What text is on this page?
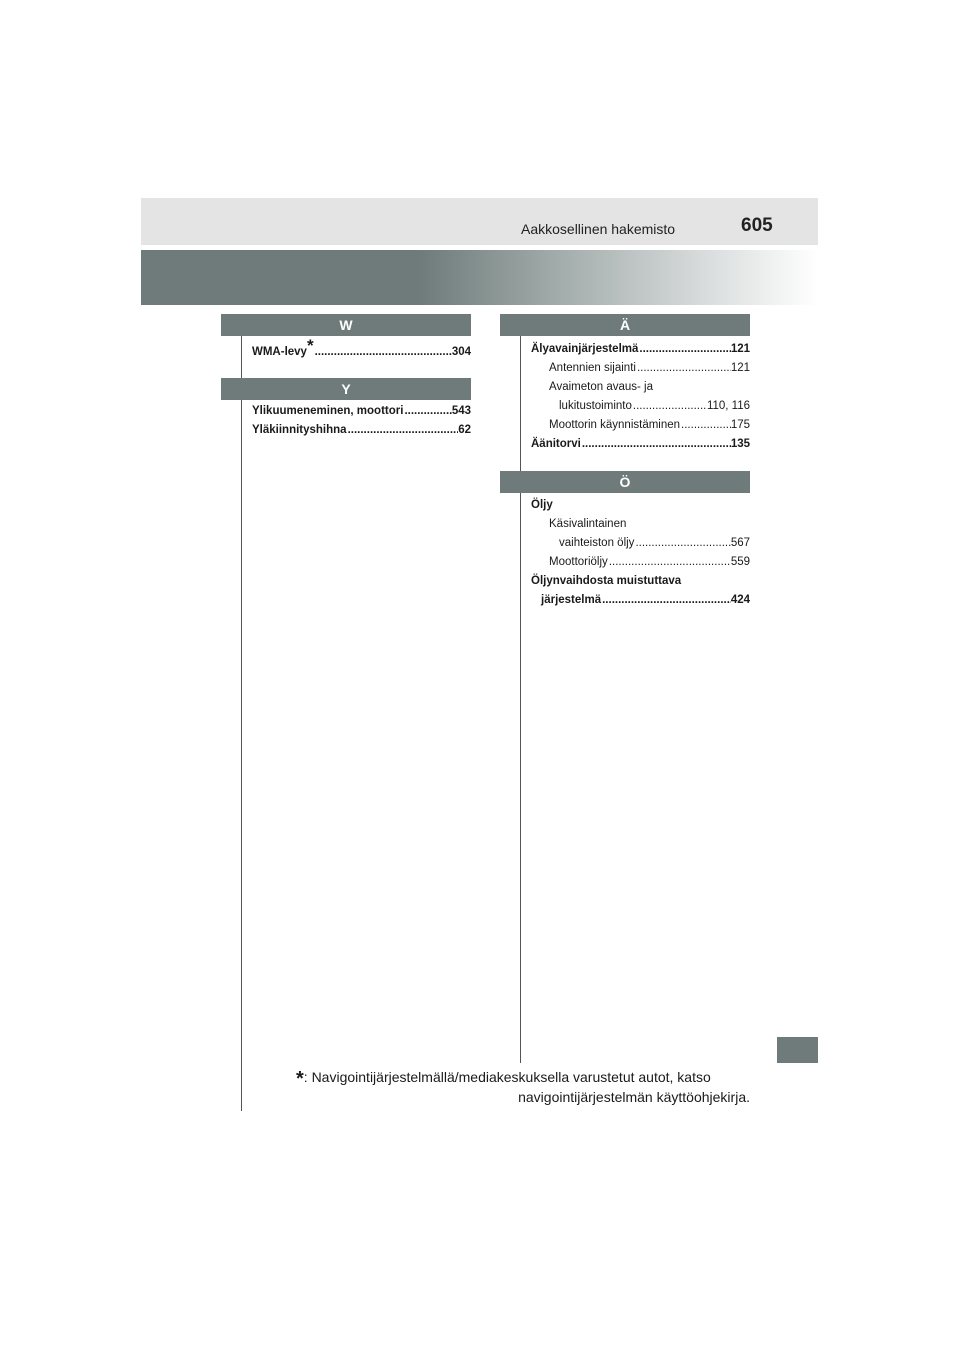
Aakkosellinen hakemisto	605
W
WMA-levy* .....	304
Y
Ylikuumeneminen, moottori .....	543
Yläkiinnityshihna .....	62
Ä
Älyavainjärjestelmä .....	121
Antennien sijainti .....	121
Avaimeton avaus- ja
lukitustoiminto .....	110, 116
Moottorin käynnistäminen .....	175
Äänitorvi .....	135
Ö
Öljy
Käsivalintainen
vaihteiston öljy .....	567
Moottoriöljy .....	559
Öljynvaihdosta muistuttava
järjestelmä .....	424
*: Navigointijärjestelmällä/mediakeskuksella varustetut autot, katso
navigointijärjestelmän käyttöohjekirja.
